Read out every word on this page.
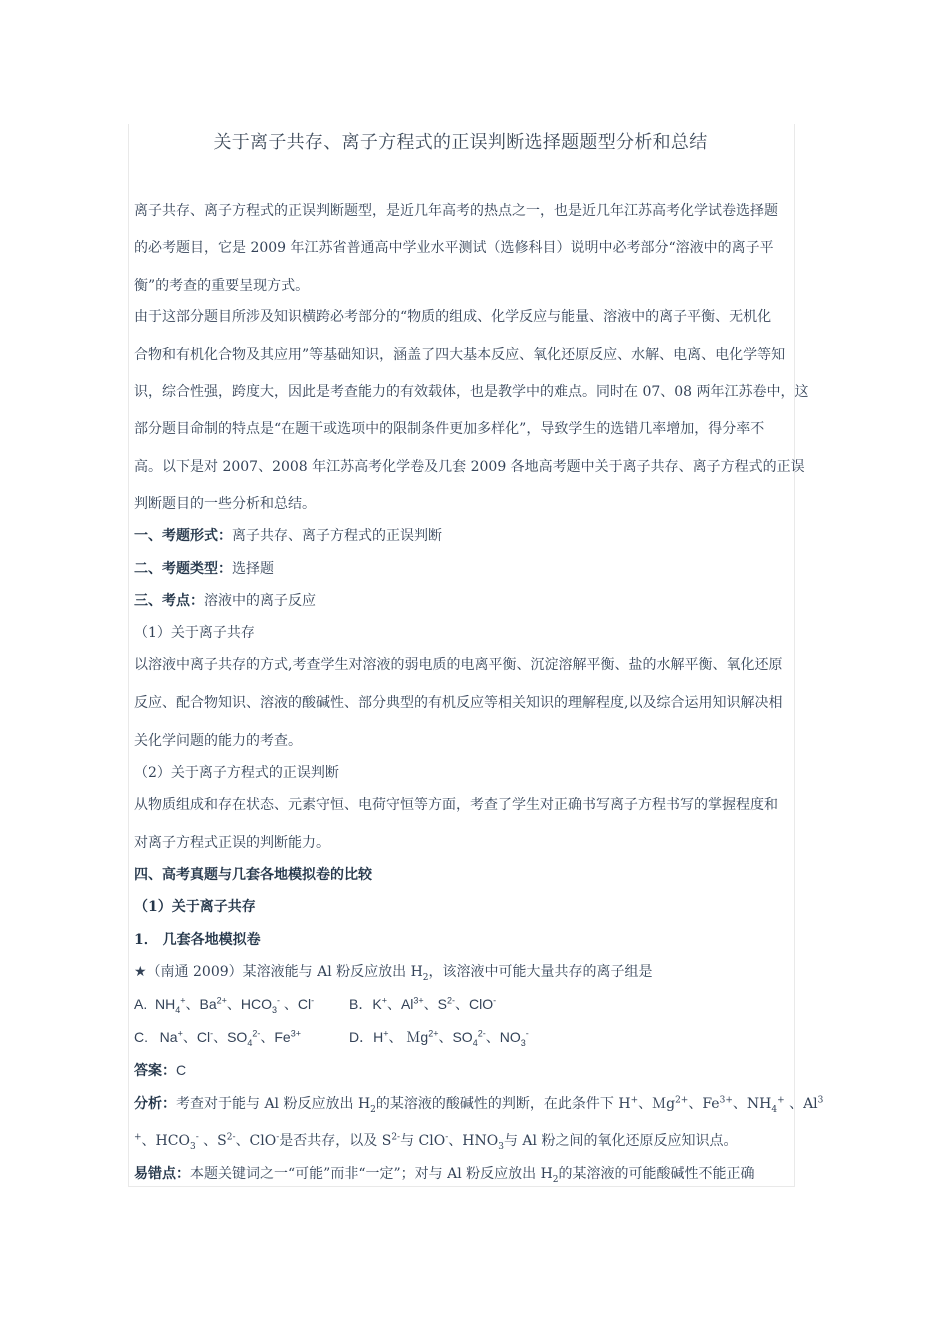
关于离子共存、离子方程式的正误判断选择题题型分析和总结
离子共存、离子方程式的正误判断题型，是近几年高考的热点之一，也是近几年江苏高考化学试卷选择题
的必考题目，它是 2009 年江苏省普通高中学业水平测试（选修科目）说明中必考部分“溶液中的离子平
衡”的考查的重要呈现方式。
由于这部分题目所涉及知识横跨必考部分的“物质的组成、化学反应与能量、溶液中的离子平衡、无机化
合物和有机化合物及其应用”等基础知识，涵盖了四大基本反应、氧化还原反应、水解、电离、电化学等知
识，综合性强，跨度大，因此是考查能力的有效载体，也是教学中的难点。同时在 07、08 两年江苏卷中，这
部分题目命制的特点是“在题干或选项中的限制条件更加多样化”，导致学生的选错几率增加，得分率不
高。以下是对 2007、2008 年江苏高考化学卷及几套 2009 各地高考题中关于离子共存、离子方程式的正误
判断题目的一些分析和总结。
一、考题形式：离子共存、离子方程式的正误判断
二、考题类型：选择题
三、考点：溶液中的离子反应
（1）关于离子共存
以溶液中离子共存的方式,考查学生对溶液的弱电质的电离平衡、沉淀溶解平衡、盐的水解平衡、氧化还原
反应、配合物知识、溶液的酸碱性、部分典型的有机反应等相关知识的理解程度,以及综合运用知识解决相
关化学问题的能力的考查。
（2）关于离子方程式的正误判断
从物质组成和存在状态、元素守恒、电荷守恒等方面，考查了学生对正确书写离子方程书写的掌握程度和
对离子方程式正误的判断能力。
四、高考真题与几套各地模拟卷的比较
（1）关于离子共存
1． 几套各地模拟卷
★（南通 2009）某溶液能与 Al 粉反应放出 $H_2$，该溶液中可能大量共存的离子组是
A.  $NH_4^+$、$Ba^{2+}$、$HCO_3^-$ 、Cl- B．K+、$Al^{3+}$、$S^{2-}$、ClO-
C.   Na+、Cl-、$SO_4^{2-}$、$Fe^{3+}$	D．H+、 Ｍg$^{2+}$、$SO_4^{2-}$、$NO_3^-$
答案：C
分析：考查对于能与 Al 粉反应放出 $H_2$的某溶液的酸碱性的判断，在此条件下 H+、Ｍg$^{2+}$、$Fe^{3+}$、$NH_4^+$ 、Al$^3$
+、$HCO_3^-$ 、$S^{2-}$、ClO-是否共存，以及 $S^{2-}$与 ClO-、$HNO_3$与 Al 粉之间的氧化还原反应知识点。
易错点：本题关键词之一“可能”而非“一定”；对与 Al 粉反应放出 $H_2$的某溶液的可能酸碱性不能正确
